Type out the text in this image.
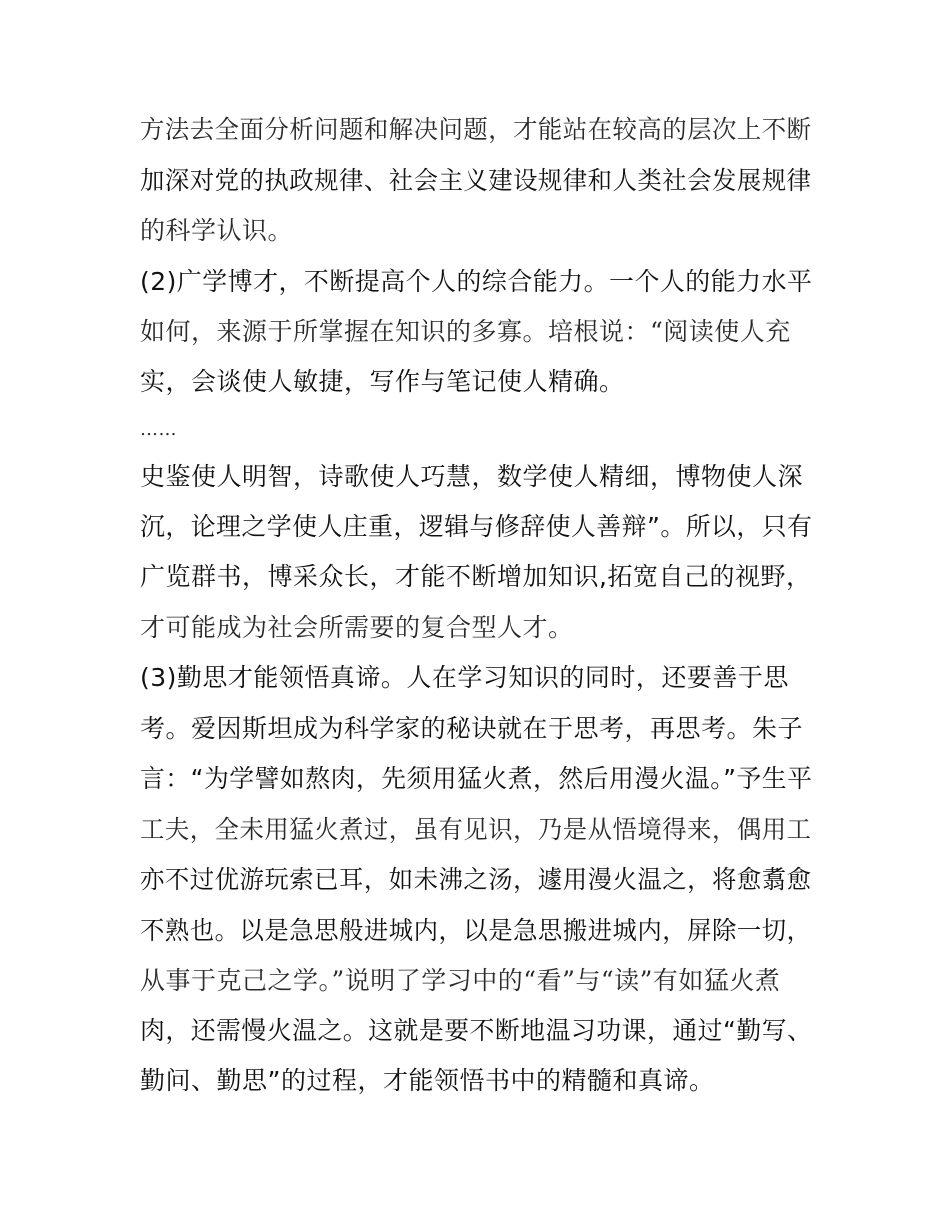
方法去全面分析问题和解决问题，才能站在较高的层次上不断
加深对党的执政规律、社会主义建设规律和人类社会发展规律
的科学认识。
(2)广学博才，不断提高个人的综合能力。一个人的能力水平
如何，来源于所掌握在知识的多寡。培根说：“阅读使人充
实，会谈使人敏捷，写作与笔记使人精确。
……
史鉴使人明智，诗歌使人巧慧，数学使人精细，博物使人深
沉，论理之学使人庄重，逻辑与修辞使人善辩”。所以，只有
广览群书，博采众长，才能不断增加知识,拓宽自己的视野，
才可能成为社会所需要的复合型人才。
(3)勤思才能领悟真谛。人在学习知识的同时，还要善于思
考。爱因斯坦成为科学家的秘诀就在于思考，再思考。朱子
言：“为学譬如熬肉，先须用猛火煮，然后用漫火温。”予生平
工夫，全未用猛火煮过，虽有见识，乃是从悟境得来，偶用工
亦不过优游玩索已耳，如未沸之汤，遽用漫火温之，将愈翥愈
不熟也。以是急思般进城内，以是急思搬进城内，屏除一切，
从事于克己之学。”说明了学习中的“看”与“读”有如猛火煮
肉，还需慢火温之。这就是要不断地温习功课，通过“勤写、
勤问、勤思”的过程，才能领悟书中的精髓和真谛。
